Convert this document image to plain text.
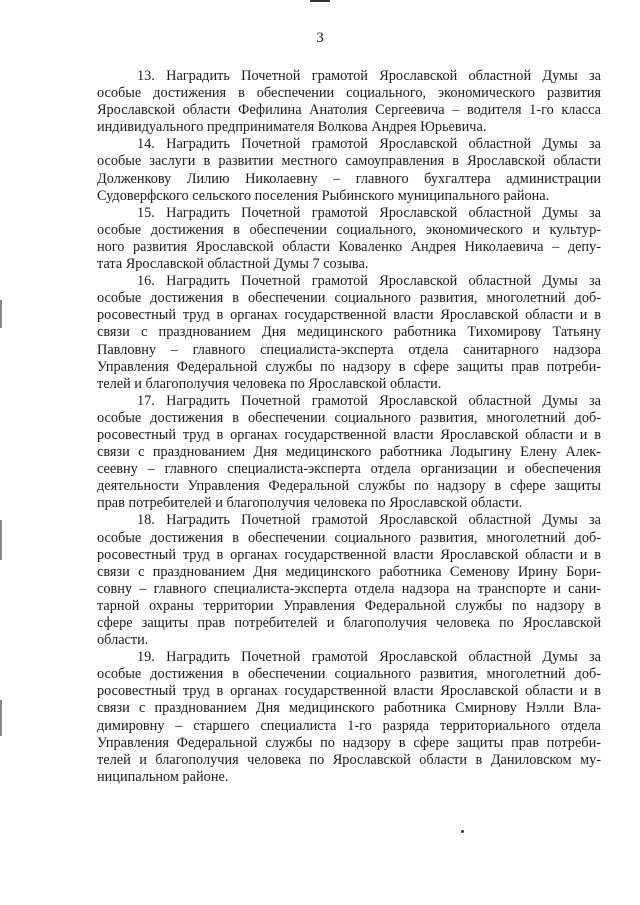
3
13. Наградить Почетной грамотой Ярославской областной Думы за
особые достижения в обеспечении социального, экономического развития
Ярославской области Фефилина Анатолия Сергеевича – водителя 1-го класса
индивидуального предпринимателя Волкова Андрея Юрьевича.
14. Наградить Почетной грамотой Ярославской областной Думы за
особые заслуги в развитии местного самоуправления в Ярославской области
Долженкову Лилию Николаевну – главного бухгалтера администрации
Судоверфского сельского поселения Рыбинского муниципального района.
15. Наградить Почетной грамотой Ярославской областной Думы за
особые достижения в обеспечении социального, экономического и культур-
ного развития Ярославской области Коваленко Андрея Николаевича – депу-
тата Ярославской областной Думы 7 созыва.
16. Наградить Почетной грамотой Ярославской областной Думы за
особые достижения в обеспечении социального развития, многолетний доб-
росовестный труд в органах государственной власти Ярославской области и в
связи с празднованием Дня медицинского работника Тихомирову Татьяну
Павловну – главного специалиста-эксперта отдела санитарного надзора
Управления Федеральной службы по надзору в сфере защиты прав потреби-
телей и благополучия человека по Ярославской области.
17. Наградить Почетной грамотой Ярославской областной Думы за
особые достижения в обеспечении социального развития, многолетний доб-
росовестный труд в органах государственной власти Ярославской области и в
связи с празднованием Дня медицинского работника Лодыгину Елену Алек-
сеевну – главного специалиста-эксперта отдела организации и обеспечения
деятельности Управления Федеральной службы по надзору в сфере защиты
прав потребителей и благополучия человека по Ярославской области.
18. Наградить Почетной грамотой Ярославской областной Думы за
особые достижения в обеспечении социального развития, многолетний доб-
росовестный труд в органах государственной власти Ярославской области и в
связи с празднованием Дня медицинского работника Семенову Ирину Бори-
совну – главного специалиста-эксперта отдела надзора на транспорте и сани-
тарной охраны территории Управления Федеральной службы по надзору в
сфере защиты прав потребителей и благополучия человека по Ярославской
области.
19. Наградить Почетной грамотой Ярославской областной Думы за
особые достижения в обеспечении социального развития, многолетний доб-
росовестный труд в органах государственной власти Ярославской области и в
связи с празднованием Дня медицинского работника Смирнову Нэлли Вла-
димировну – старшего специалиста 1-го разряда территориального отдела
Управления Федеральной службы по надзору в сфере защиты прав потреби-
телей и благополучия человека по Ярославской области в Даниловском му-
ниципальном районе.
